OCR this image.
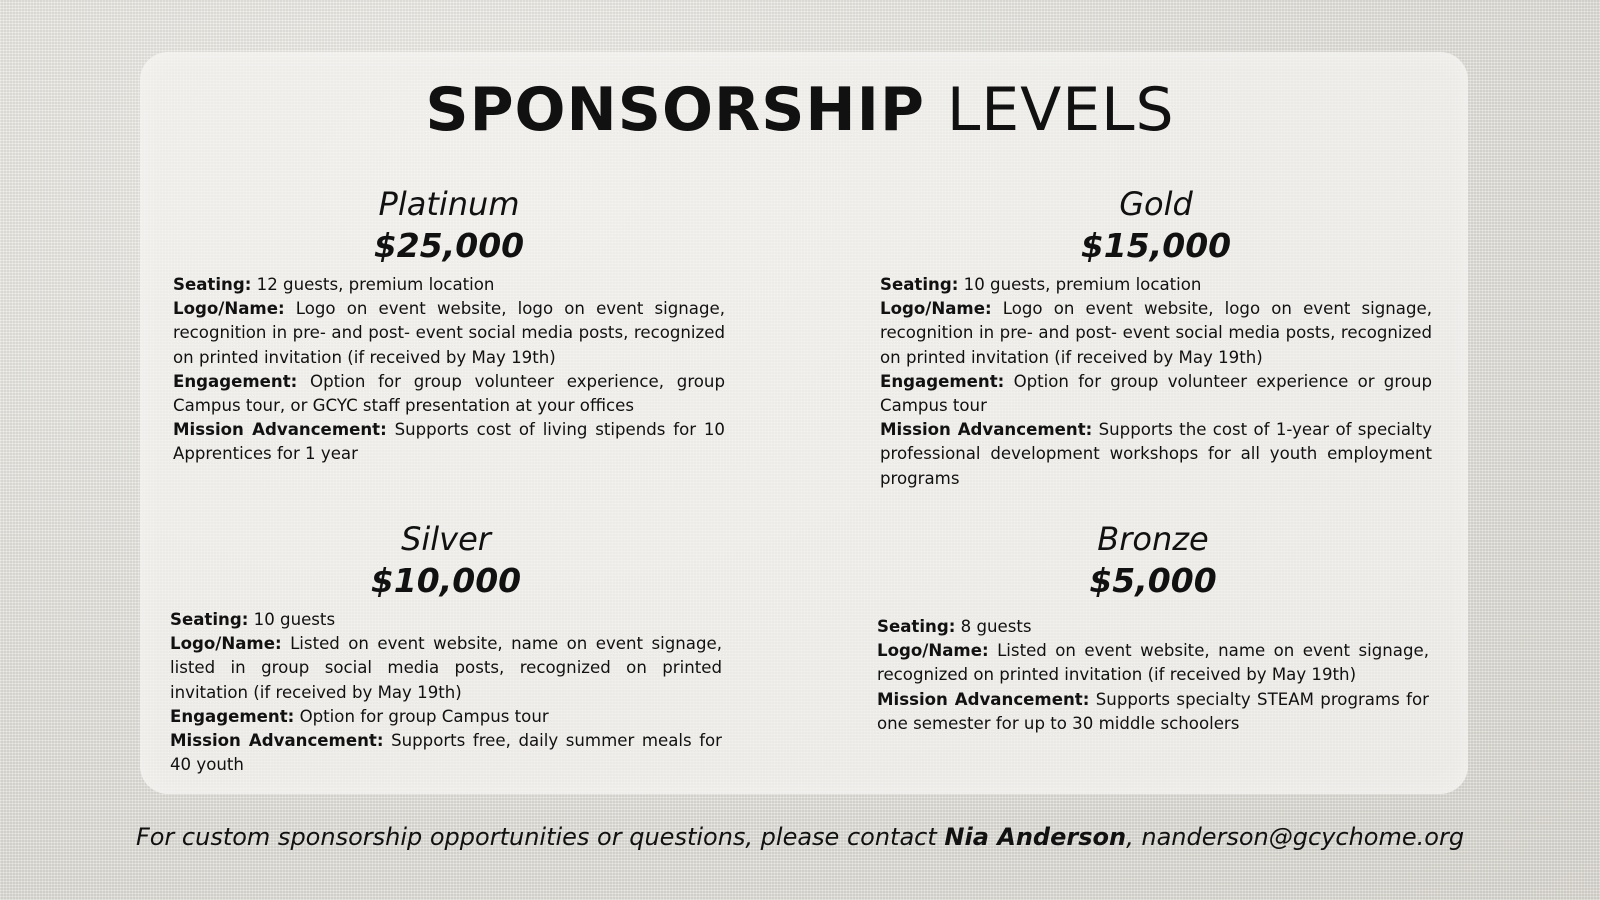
SPONSORSHIP LEVELS
Platinum
$25,000

Seating: 12 guests, premium location

Logo/Name: Logo on event website, logo on event signage, recognition in pre- and post- event social media posts, recognized on printed invitation (if received by May 19th)

Engagement: Option for group volunteer experience, group Campus tour, or GCYC staff presentation at your offices

Mission Advancement: Supports cost of living stipends for 10 Apprentices for 1 year

Gold
$15,000

Seating: 10 guests, premium location

Logo/Name: Logo on event website, logo on event signage, recognition in pre- and post- event social media posts, recognized on printed invitation (if received by May 19th)

Engagement: Option for group volunteer experience or group Campus tour

Mission Advancement: Supports the cost of 1-year of specialty professional development workshops for all youth employment programs

Silver
$10,000

Seating: 10 guests

Logo/Name: Listed on event website, name on event signage, listed in group social media posts, recognized on printed invitation (if received by May 19th)

Engagement: Option for group Campus tour

Mission Advancement: Supports free, daily summer meals for 40 youth

Bronze
$5,000

Seating: 8 guests

Logo/Name: Listed on event website, name on event signage, recognized on printed invitation (if received by May 19th)

Mission Advancement: Supports specialty STEAM programs for one semester for up to 30 middle schoolers

For custom sponsorship opportunities or questions, please contact Nia Anderson, nanderson@gcychome.org
